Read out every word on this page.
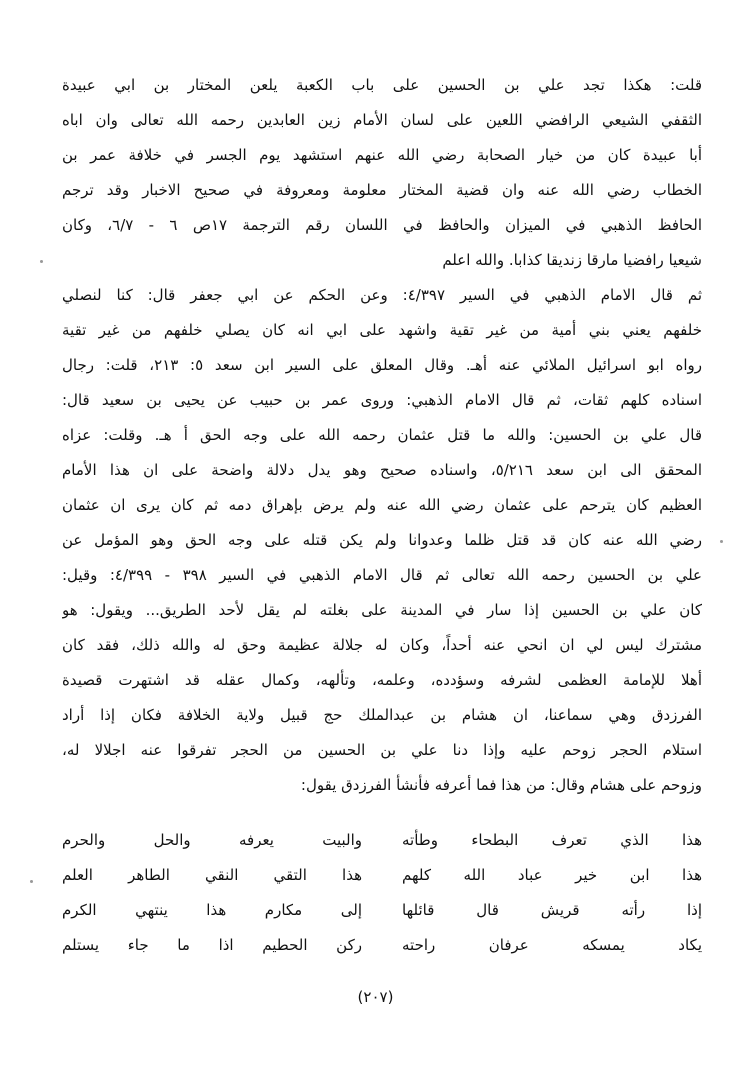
قلت: هكذا تجد علي بن الحسين على باب الكعبة يلعن المختار بن ابي عبيدة
الثقفي الشيعي الرافضي اللعين على لسان الأمام زين العابدين رحمه الله تعالى وان اباه
أبا عبيدة كان من خيار الصحابة رضي الله عنهم استشهد يوم الجسر في خلافة عمر بن
الخطاب رضي الله عنه وان قضية المختار معلومة ومعروفة في صحيح الاخبار وقد ترجم
الحافظ الذهبي في الميزان والحافظ في اللسان رقم الترجمة ١٧ص ٦ - ٦/٧، وكان
شيعيا رافضيا مارقا زنديقا كذابا. والله اعلم
ثم قال الامام الذهبي في السير ٤/٣٩٧: وعن الحكم عن ابي جعفر قال: كنا لنصلي
خلفهم يعني بني أمية من غير تقية واشهد على ابي انه كان يصلي خلفهم من غير تقية
رواه ابو اسرائيل الملائي عنه أهـ. وقال المعلق على السير ابن سعد ٥: ٢١٣، قلت: رجال
اسناده كلهم ثقات، ثم قال الامام الذهبي: وروى عمر بن حبيب عن يحيى بن سعيد قال:
قال علي بن الحسين: والله ما قتل عثمان رحمه الله على وجه الحق أ هـ. وقلت: عزاه
المحقق الى ابن سعد ٥/٢١٦، واسناده صحيح وهو يدل دلالة واضحة على ان هذا الأمام
العظيم كان يترحم على عثمان رضي الله عنه ولم يرض بإهراق دمه ثم كان يرى ان عثمان
رضي الله عنه كان قد قتل ظلما وعدوانا ولم يكن قتله على وجه الحق وهو المؤمل عن
علي بن الحسين رحمه الله تعالى ثم قال الامام الذهبي في السير ٣٩٨ - ٤/٣٩٩: وقيل:
كان علي بن الحسين إذا سار في المدينة على بغلته لم يقل لأحد الطريق... ويقول: هو
مشترك ليس لي ان انحي عنه أحداً، وكان له جلالة عظيمة وحق له والله ذلك، فقد كان
أهلا للإمامة العظمى لشرفه وسؤدده، وعلمه، وتألهه، وكمال عقله قد اشتهرت قصيدة
الفرزدق وهي سماعنا، ان هشام بن عبدالملك حج قبيل ولاية الخلافة فكان إذا أراد
استلام الحجر زوحم عليه وإذا دنا علي بن الحسين من الحجر تفرقوا عنه اجلالا له،
وزوحم على هشام وقال: من هذا فما أعرفه فأنشأ الفرزدق يقول:
هذا الذي تعرف البطحاء وطأته
والبيت يعرفه والحل والحرم
هذا ابن خير عباد الله كلهم
هذا التقي النقي الطاهر العلم
إذا رأته قريش قال قائلها
إلى مكارم هذا ينتهي الكرم
يكاد يمسكه عرفان راحته
ركن الحطيم اذا ما جاء يستلم
(٢٠٧)
